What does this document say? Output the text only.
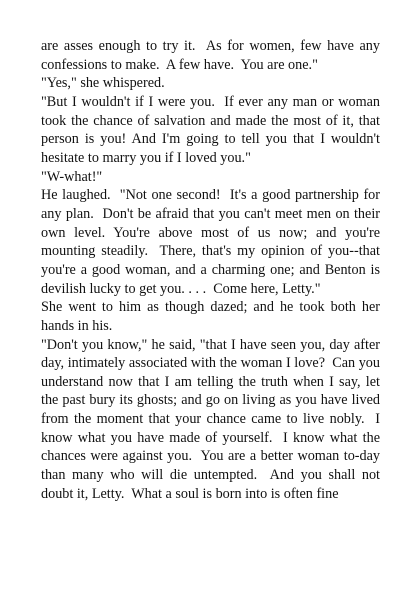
are asses enough to try it.  As for women, few have any confessions to make.  A few have.  You are one."

"Yes," she whispered.

"But I wouldn't if I were you.  If ever any man or woman took the chance of salvation and made the most of it, that person is you! And I'm going to tell you that I wouldn't hesitate to marry you if I loved you."

"W-what!"

He laughed.  "Not one second!  It's a good partnership for any plan.  Don't be afraid that you can't meet men on their own level. You're above most of us now; and you're mounting steadily.  There, that's my opinion of you--that you're a good woman, and a charming one; and Benton is devilish lucky to get you. . . .  Come here, Letty."

She went to him as though dazed; and he took both her hands in his.

"Don't you know," he said, "that I have seen you, day after day, intimately associated with the woman I love?  Can you understand now that I am telling the truth when I say, let the past bury its ghosts; and go on living as you have lived from the moment that your chance came to live nobly.  I know what you have made of yourself.  I know what the chances were against you.  You are a better woman to-day than many who will die untempted.  And you shall not doubt it, Letty.  What a soul is born into is often fine
